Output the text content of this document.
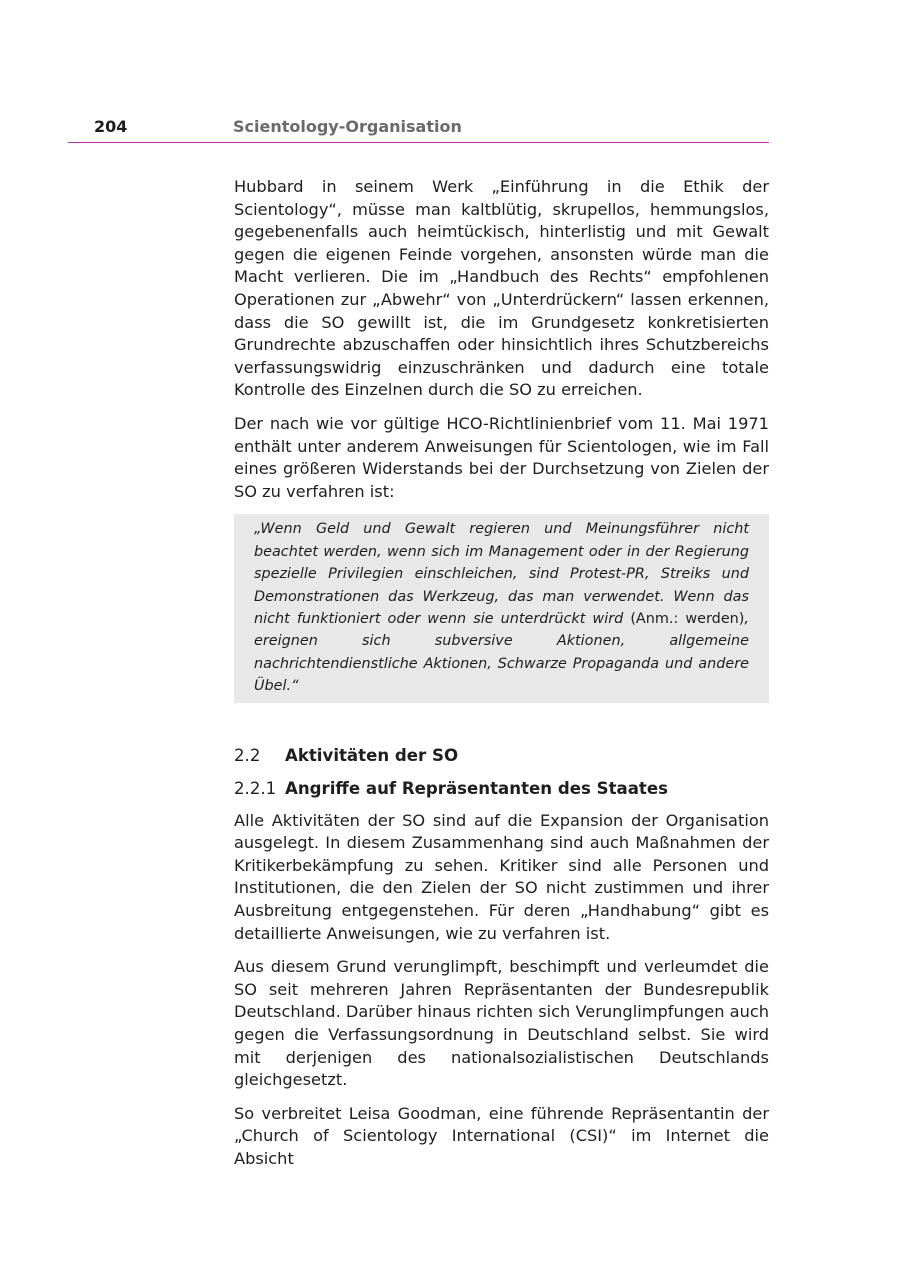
204	Scientology-Organisation

Hubbard in seinem Werk „Einführung in die Ethik der Scientology“, müsse man kaltblütig, skrupellos, hemmungslos, gegebenenfalls auch heimtückisch, hinterlistig und mit Gewalt gegen die eigenen Feinde vorgehen, ansonsten würde man die Macht verlieren. Die im „Handbuch des Rechts“ empfohlenen Operationen zur „Abwehr“ von „Unterdrückern“ lassen erkennen, dass die SO gewillt ist, die im Grundgesetz konkretisierten Grundrechte abzuschaffen oder hinsichtlich ihres Schutzbereichs verfassungswidrig einzuschränken und dadurch eine totale Kontrolle des Einzelnen durch die SO zu erreichen.

Der nach wie vor gültige HCO-Richtlinienbrief vom 11. Mai 1971 enthält unter anderem Anweisungen für Scientologen, wie im Fall eines größeren Widerstands bei der Durchsetzung von Zielen der SO zu verfahren ist:

„Wenn Geld und Gewalt regieren und Meinungsführer nicht beachtet werden, wenn sich im Management oder in der Regierung spezielle Privilegien einschleichen, sind Protest-PR, Streiks und Demonstrationen das Werkzeug, das man verwendet. Wenn das nicht funktioniert oder wenn sie unterdrückt wird (Anm.: werden), ereignen sich subversive Aktionen, allgemeine nachrichtendienstliche Aktionen, Schwarze Propaganda und andere Übel.“

2.2	Aktivitäten der SO
2.2.1 Angriffe auf Repräsentanten des Staates

Alle Aktivitäten der SO sind auf die Expansion der Organisation ausgelegt. In diesem Zusammenhang sind auch Maßnahmen der Kritikerbekämpfung zu sehen. Kritiker sind alle Personen und Institutionen, die den Zielen der SO nicht zustimmen und ihrer Ausbreitung entgegenstehen. Für deren „Handhabung“ gibt es detaillierte Anweisungen, wie zu verfahren ist.

Aus diesem Grund verunglimpft, beschimpft und verleumdet die SO seit mehreren Jahren Repräsentanten der Bundesrepublik Deutschland. Darüber hinaus richten sich Verunglimpfungen auch gegen die Verfassungsordnung in Deutschland selbst. Sie wird mit derjenigen des nationalsozialistischen Deutschlands gleichgesetzt.

So verbreitet Leisa Goodman, eine führende Repräsentantin der „Church of Scientology International (CSI)“ im Internet die Absicht
